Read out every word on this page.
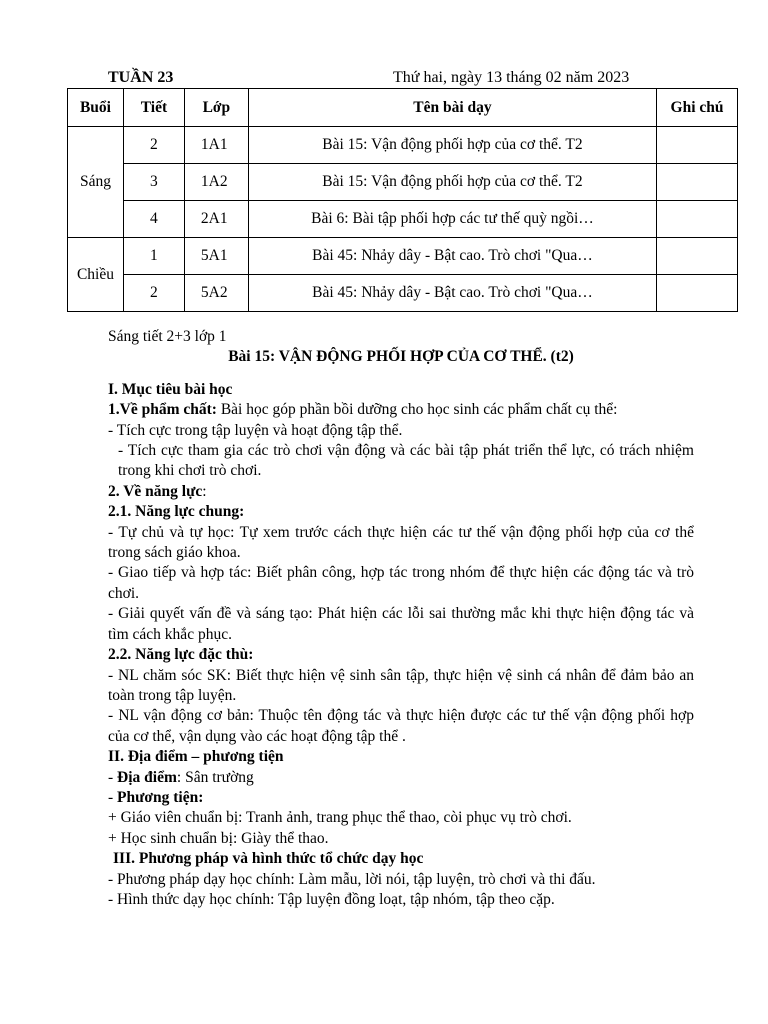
TUẦN 23	Thứ hai, ngày 13 tháng 02 năm 2023
Buổi	Tiết	Lớp	Tên bài dạy	Ghi chú
Sáng	2	1A1	Bài 15: Vận động phối hợp của cơ thể. T2	
	3	1A2	Bài 15: Vận động phối hợp của cơ thể. T2	
	4	2A1	Bài 6: Bài tập phối hợp các tư thế quỳ ngồi…	
Chiều	1	5A1	Bài 45: Nhảy dây - Bật cao. Trò chơi "Qua…	
	2	5A2	Bài 45: Nhảy dây - Bật cao. Trò chơi "Qua…	

Sáng tiết 2+3 lớp 1

Bài 15: VẬN ĐỘNG PHỐI HỢP CỦA CƠ THỂ. (t2)

I. Mục tiêu bài học

1.Về phẩm chất: Bài học góp phần bồi dưỡng cho học sinh các phẩm chất cụ thể:

- Tích cực trong tập luyện và hoạt động tập thể.

- Tích cực tham gia các trò chơi vận động và các bài tập phát triển thể lực, có trách nhiệm trong khi chơi trò chơi.

2. Về năng lực:

2.1. Năng lực chung:

- Tự chủ và tự học: Tự xem trước cách thực hiện các tư thế vận động phối hợp của cơ thể trong sách giáo khoa.

- Giao tiếp và hợp tác: Biết phân công, hợp tác trong nhóm để thực hiện các động tác và trò chơi.

- Giải quyết vấn đề và sáng tạo: Phát hiện các lỗi sai thường mắc khi thực hiện động tác và tìm cách khắc phục.

2.2. Năng lực đặc thù:

- NL chăm sóc SK: Biết thực hiện vệ sinh sân tập, thực hiện vệ sinh cá nhân để đảm bảo an toàn trong tập luyện.

- NL vận động cơ bản: Thuộc tên động tác và thực hiện được các tư thế vận động phối hợp của cơ thể, vận dụng vào các hoạt động tập thể .

II. Địa điểm – phương tiện

- Địa điểm: Sân trường

- Phương tiện:

+ Giáo viên chuẩn bị: Tranh ảnh, trang phục thể thao, còi phục vụ trò chơi.

+ Học sinh chuẩn bị: Giày thể thao.

III. Phương pháp và hình thức tổ chức dạy học

- Phương pháp dạy học chính: Làm mẫu, lời nói, tập luyện, trò chơi và thi đấu.

- Hình thức dạy học chính: Tập luyện đồng loạt, tập nhóm, tập theo cặp.
